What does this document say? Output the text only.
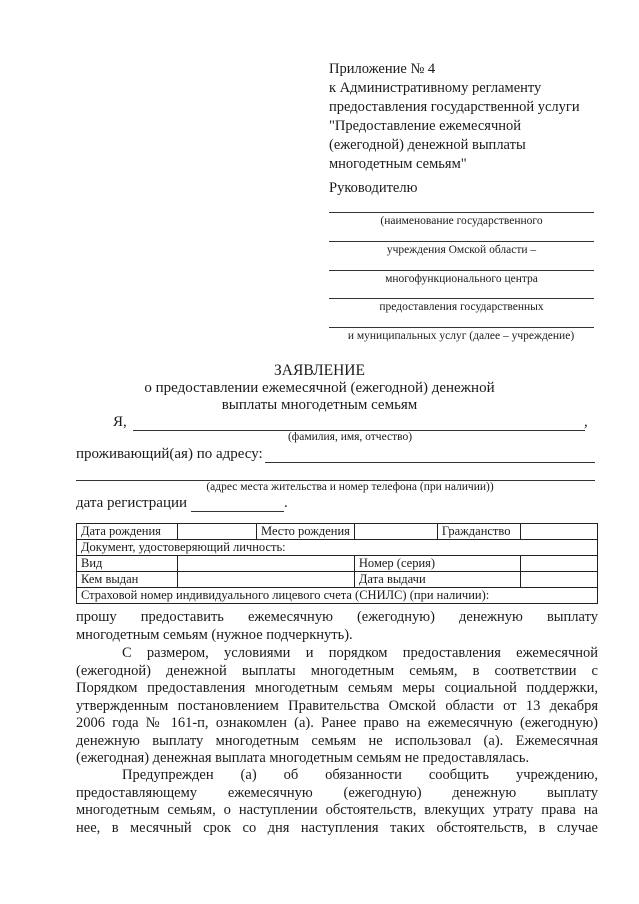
Приложение № 4
к Административному регламенту
предоставления государственной услуги
"Предоставление ежемесячной
(ежегодной) денежной выплаты
многодетным семьям"
Руководителю
(наименование государственного
учреждения Омской области –
многофункционального центра
предоставления государственных
и муниципальных услуг (далее – учреждение)
ЗАЯВЛЕНИЕ
о предоставлении ежемесячной (ежегодной) денежной
выплаты многодетным семьям
Я,	,
(фамилия, имя, отчество)
проживающий(ая) по адресу:
(адрес места жительства и номер телефона (при наличии))
дата регистрации	.
Дата рождения		Место рождения		Гражданство	
Документ, удостоверяющий личность:					
Вид			Номер (серия)		
Кем выдан			Дата выдачи		
Страховой номер индивидуального лицевого счета (СНИЛС) (при наличии):					
прошу предоставить ежемесячную (ежегодную) денежную выплату
многодетным семьям (нужное подчеркнуть).
С размером, условиями и порядком предоставления ежемесячной
(ежегодной) денежной выплаты многодетным семьям, в соответствии с
Порядком предоставления многодетным семьям меры социальной поддержки,
утвержденным постановлением Правительства Омской области от 13 декабря
2006 года № 161-п, ознакомлен (а). Ранее право на ежемесячную (ежегодную)
денежную выплату многодетным семьям не использовал (а). Ежемесячная
(ежегодная) денежная выплата многодетным семьям не предоставлялась.
Предупрежден (а) об обязанности сообщить учреждению,
предоставляющему ежемесячную (ежегодную) денежную выплату
многодетным семьям, о наступлении обстоятельств, влекущих утрату права на
нее, в месячный срок со дня наступления таких обстоятельств, в случае
